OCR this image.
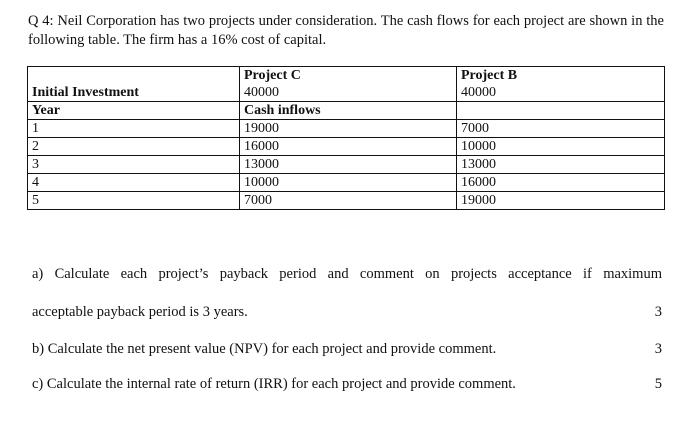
Q 4: Neil Corporation has two projects under consideration. The cash flows for each project are shown in the following table. The firm has a 16% cost of capital.
	Project C	Project B
Initial Investment	40000	40000
Year	Cash inflows	
1	19000	7000
2	16000	10000
3	13000	13000
4	10000	16000
5	7000	19000
a) Calculate each project’s payback period and comment on projects acceptance if maximum
acceptable payback period is 3 years.	3
b) Calculate the net present value (NPV) for each project and provide comment.	3
c) Calculate the internal rate of return (IRR) for each project and provide comment.	5
